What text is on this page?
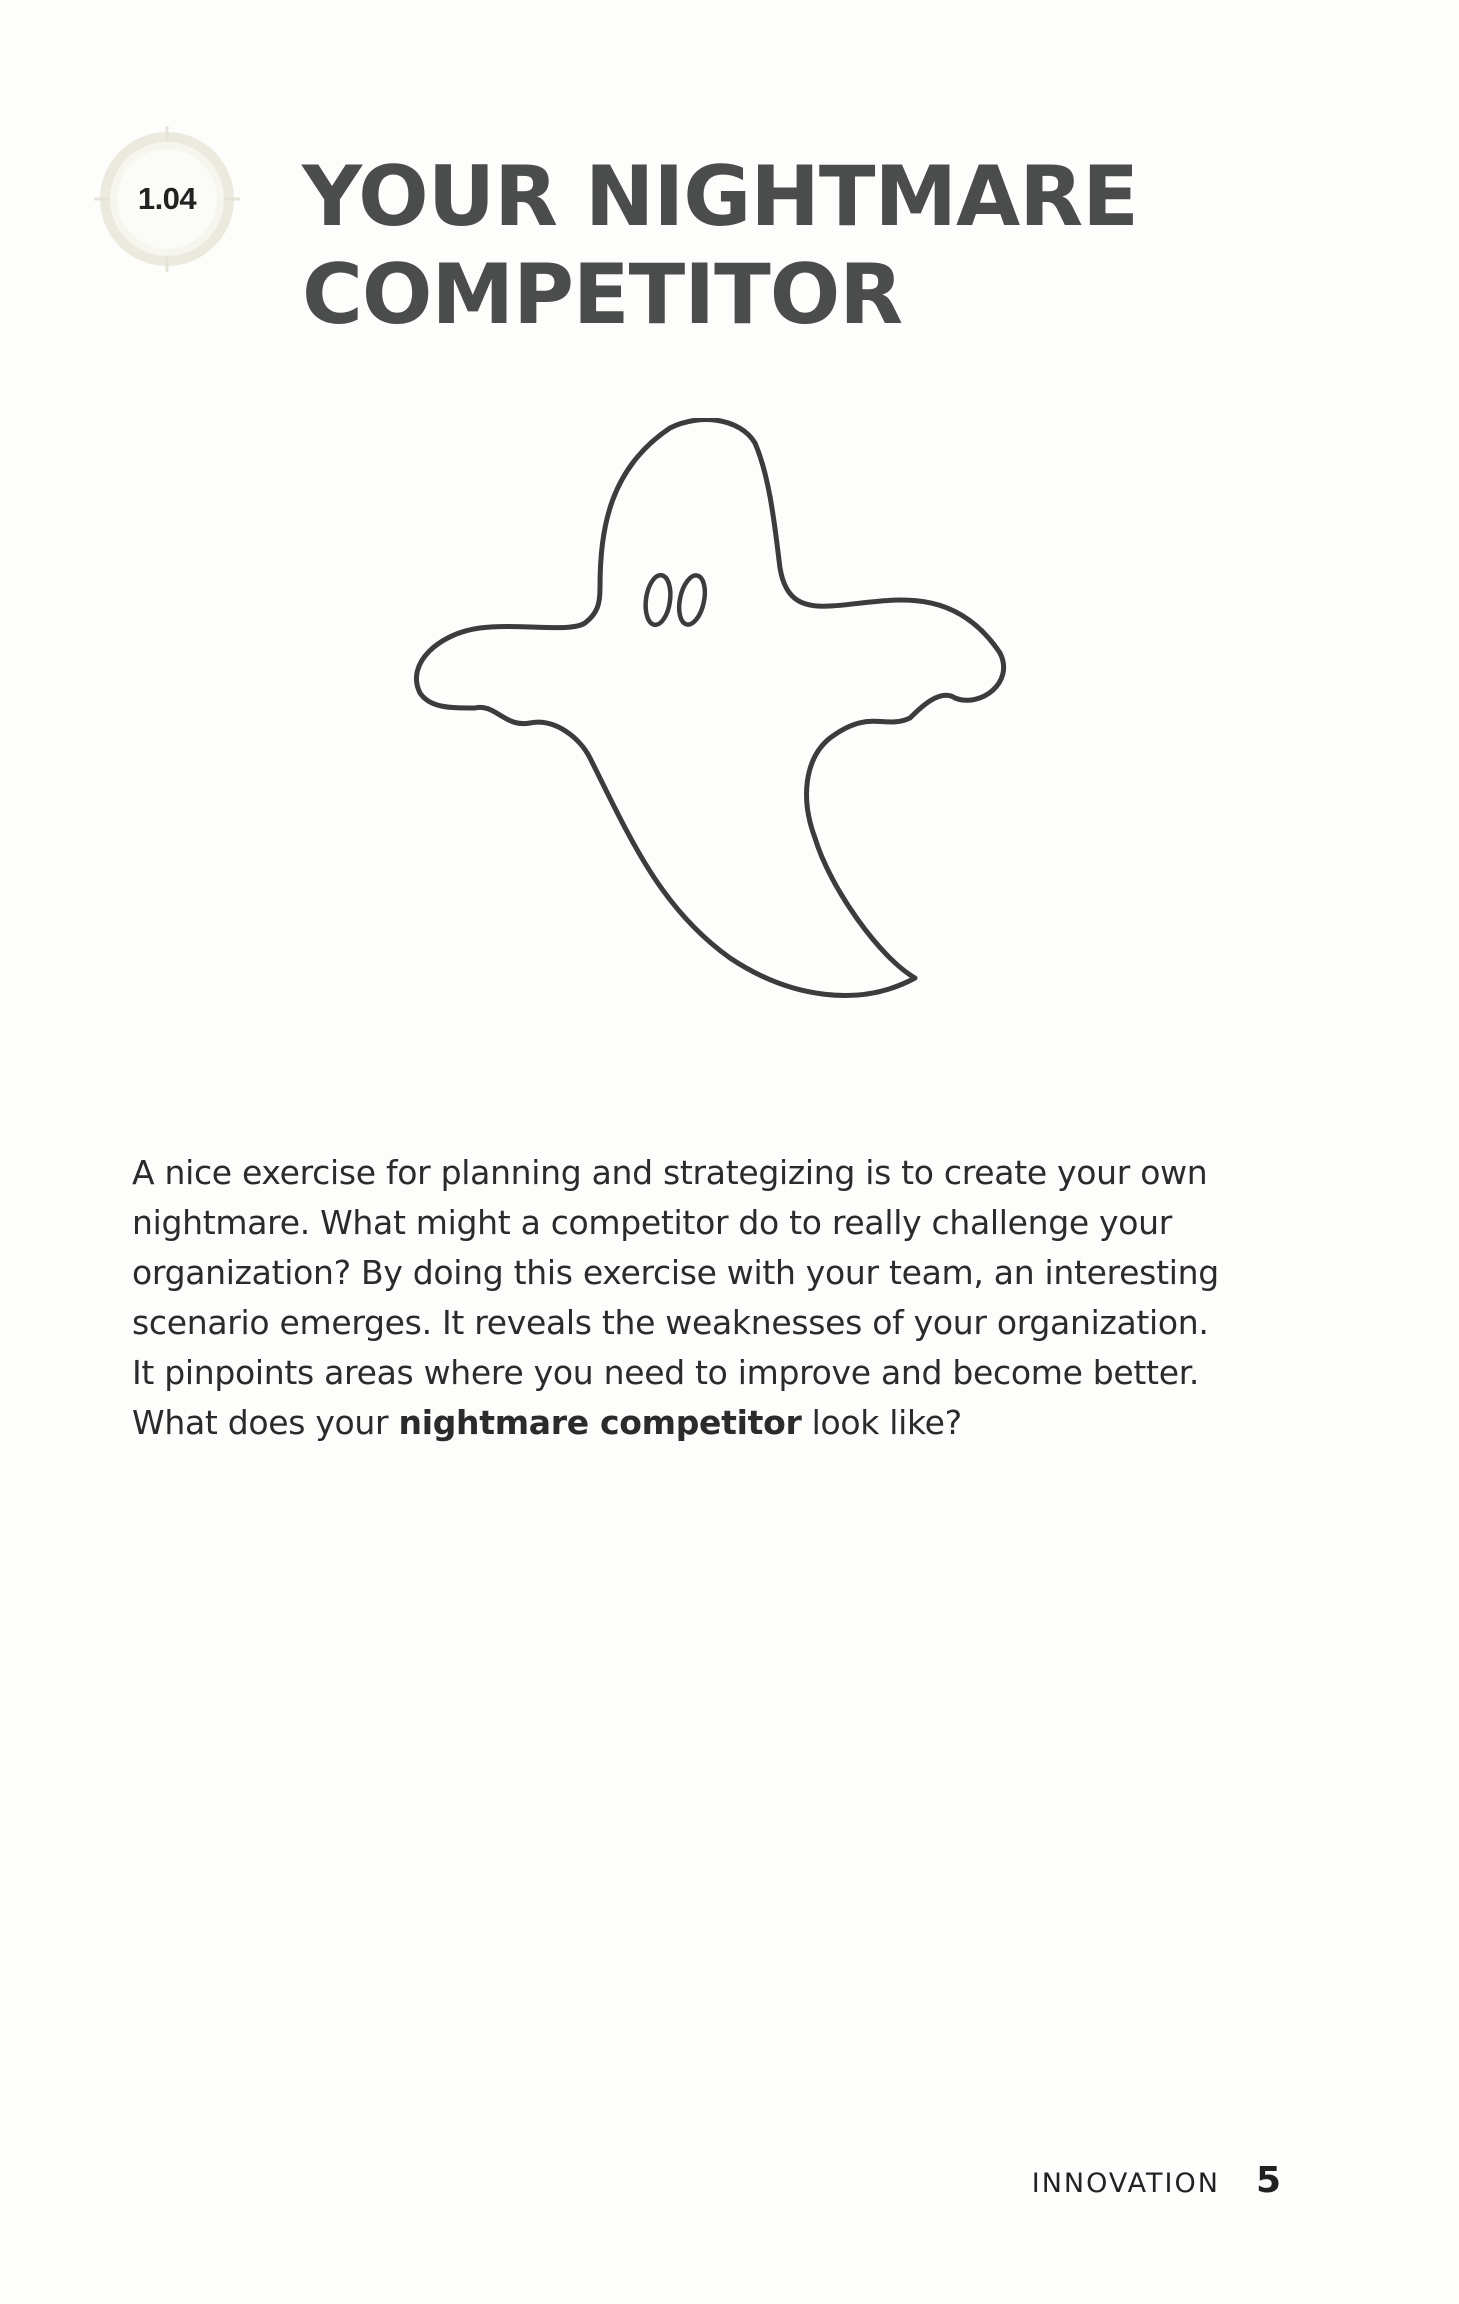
1.04	YOUR NIGHTMARE
COMPETITOR

A nice exercise for planning and strategizing is to create your own
nightmare. What might a competitor do to really challenge your
organization? By doing this exercise with your team, an interesting
scenario emerges. It reveals the weaknesses of your organization.
It pinpoints areas where you need to improve and become better.
What does your nightmare competitor look like?

INNOVATION 5
